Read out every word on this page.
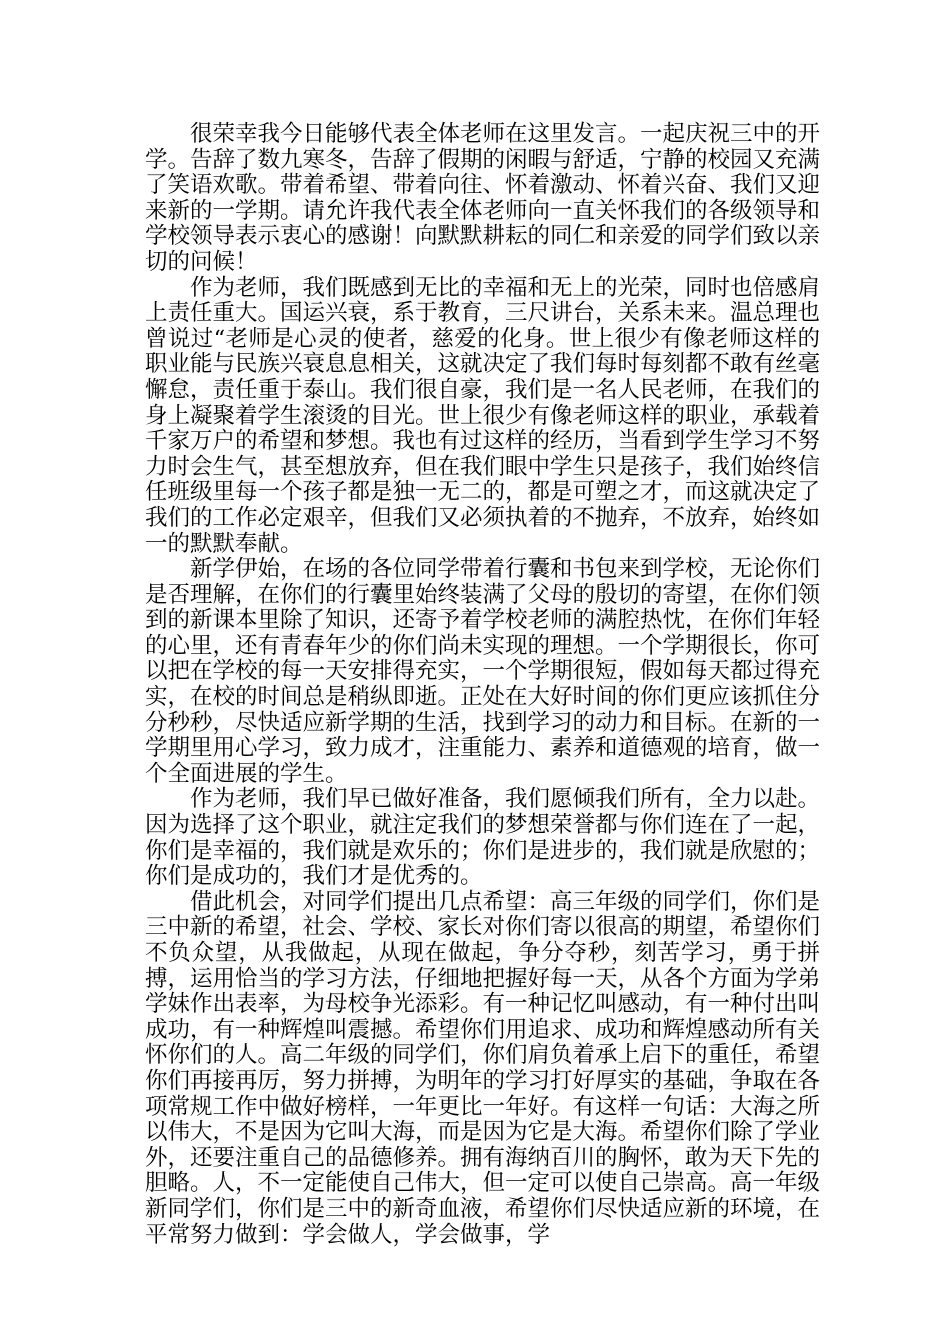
很荣幸我今日能够代表全体老师在这里发言。一起庆祝三中的开学。告辞了数九寒冬，告辞了假期的闲暇与舒适，宁静的校园又充满了笑语欢歌。带着希望、带着向往、怀着激动、怀着兴奋、我们又迎来新的一学期。请允许我代表全体老师向一直关怀我们的各级领导和学校领导表示衷心的感谢！向默默耕耘的同仁和亲爱的同学们致以亲切的问候！

作为老师，我们既感到无比的幸福和无上的光荣，同时也倍感肩上责任重大。国运兴衰，系于教育，三尺讲台，关系未来。温总理也曾说过“老师是心灵的使者，慈爱的化身。世上很少有像老师这样的职业能与民族兴衰息息相关，这就决定了我们每时每刻都不敢有丝毫懈怠，责任重于泰山。我们很自豪，我们是一名人民老师，在我们的身上凝聚着学生滚烫的目光。世上很少有像老师这样的职业，承载着千家万户的希望和梦想。我也有过这样的经历，当看到学生学习不努力时会生气，甚至想放弃，但在我们眼中学生只是孩子，我们始终信任班级里每一个孩子都是独一无二的，都是可塑之才，而这就决定了我们的工作必定艰辛，但我们又必须执着的不抛弃，不放弃，始终如一的默默奉献。

新学伊始，在场的各位同学带着行囊和书包来到学校，无论你们是否理解，在你们的行囊里始终装满了父母的殷切的寄望，在你们领到的新课本里除了知识，还寄予着学校老师的满腔热忱，在你们年轻的心里，还有青春年少的你们尚未实现的理想。一个学期很长，你可以把在学校的每一天安排得充实，一个学期很短，假如每天都过得充实，在校的时间总是稍纵即逝。正处在大好时间的你们更应该抓住分分秒秒，尽快适应新学期的生活，找到学习的动力和目标。在新的一学期里用心学习，致力成才，注重能力、素养和道德观的培育，做一个全面进展的学生。

作为老师，我们早已做好准备，我们愿倾我们所有，全力以赴。因为选择了这个职业，就注定我们的梦想荣誉都与你们连在了一起，你们是幸福的，我们就是欢乐的；你们是进步的，我们就是欣慰的；你们是成功的，我们才是优秀的。

借此机会，对同学们提出几点希望：高三年级的同学们，你们是三中新的希望，社会、学校、家长对你们寄以很高的期望，希望你们不负众望，从我做起，从现在做起，争分夺秒，刻苦学习，勇于拼搏，运用恰当的学习方法，仔细地把握好每一天，从各个方面为学弟学妹作出表率，为母校争光添彩。有一种记忆叫感动，有一种付出叫成功，有一种辉煌叫震撼。希望你们用追求、成功和辉煌感动所有关怀你们的人。高二年级的同学们，你们肩负着承上启下的重任，希望你们再接再厉，努力拼搏，为明年的学习打好厚实的基础，争取在各项常规工作中做好榜样，一年更比一年好。有这样一句话：大海之所以伟大，不是因为它叫大海，而是因为它是大海。希望你们除了学业外，还要注重自己的品德修养。拥有海纳百川的胸怀，敢为天下先的胆略。人，不一定能使自己伟大，但一定可以使自己崇高。高一年级新同学们，你们是三中的新奇血液，希望你们尽快适应新的环境，在平常努力做到：学会做人，学会做事，学
